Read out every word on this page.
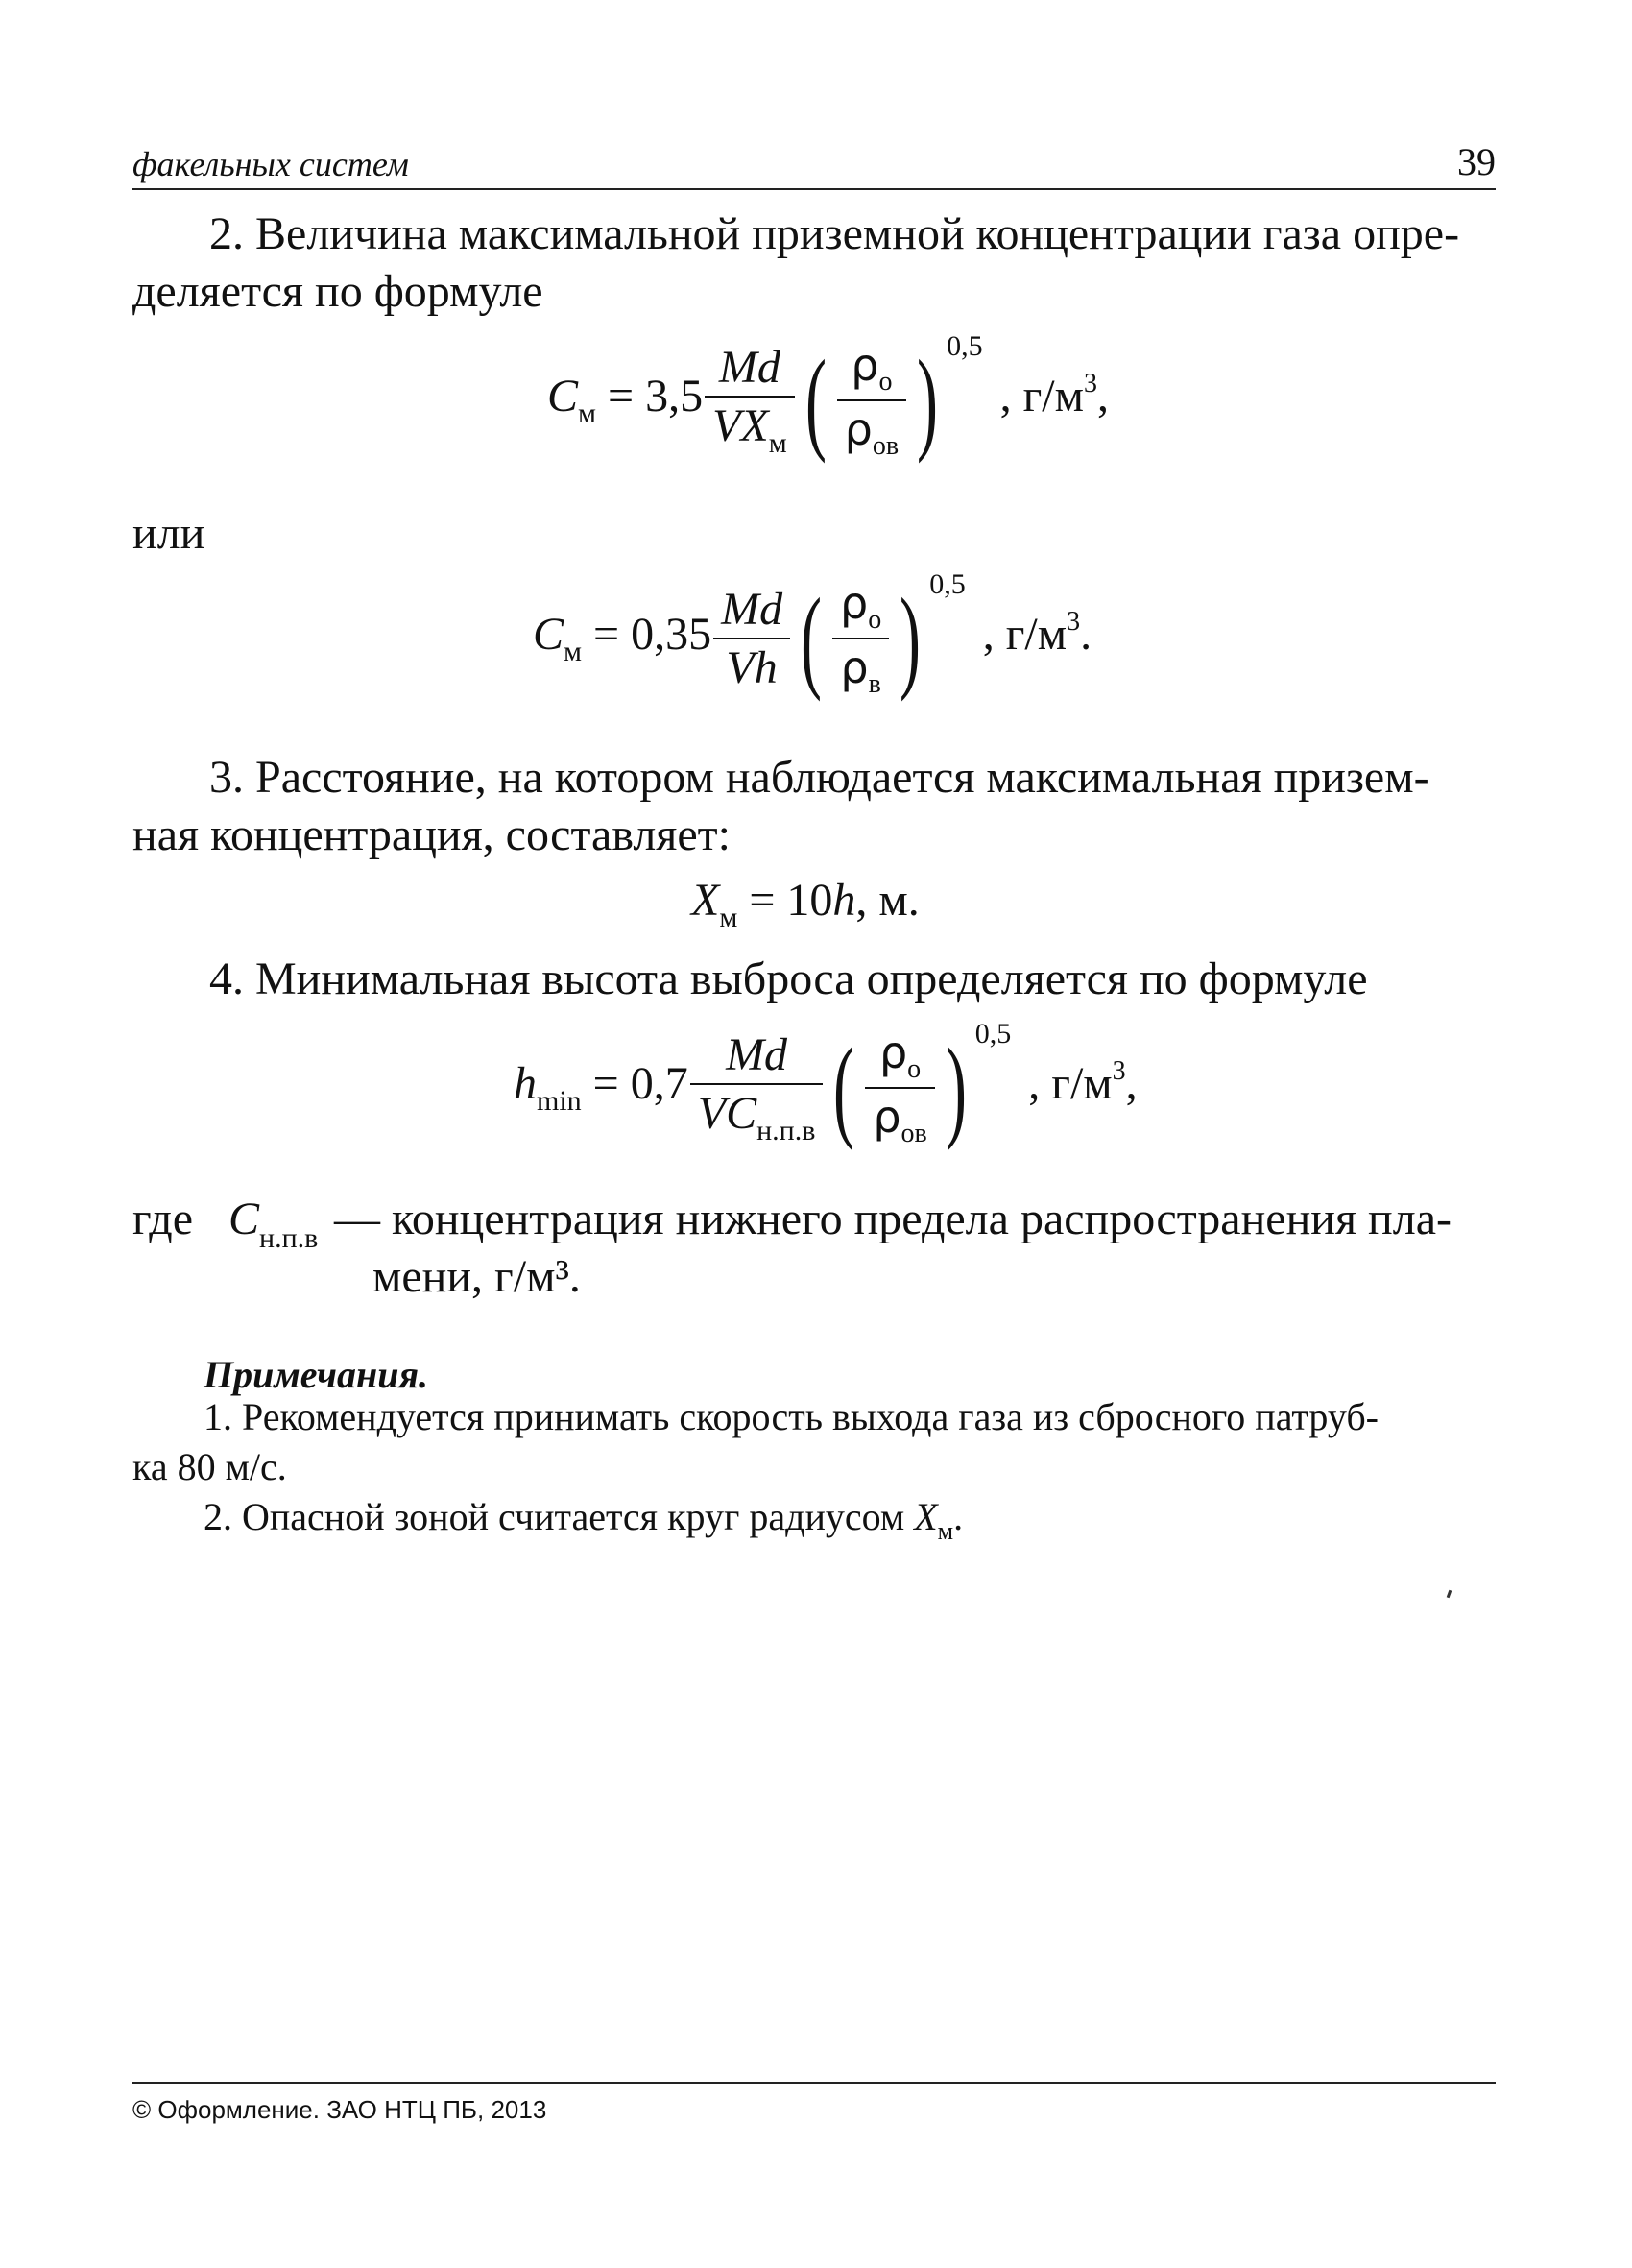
факельных систем	39
2. Величина максимальной приземной концентрации газа опре-
деляется по формуле
$C_м = 3,5 \frac{Md}{VX_м}$ ( $\frac{\rho_о}{\rho_{ов}}$ ) $^{0,5}$, $г/м^3$,
или
$C_м = 0,35 \frac{Md}{Vh}$ ( $\frac{\rho_о}{\rho_в}$ ) $^{0,5}$, $г/м^3$.
3. Расстояние, на котором наблюдается максимальная призем-
ная концентрация, составляет:
$X_м = 10h$, м.
4. Минимальная высота выброса определяется по формуле
$h_{min} = 0,7 \frac{Md}{VC_{н.п.в}}$ ( $\frac{\rho_о}{\rho_{ов}}$ ) $^{0,5}$, $г/м^3$,
где $C_{н.п.в}$ — концентрация нижнего предела распространения пла-
мени, г/м³.
Примечания.
1. Рекомендуется принимать скорость выхода газа из сбросного патруб-
ка 80 м/с.
2. Опасной зоной считается круг радиусом $X_м$.
© Оформление. ЗАО НТЦ ПБ, 2013
